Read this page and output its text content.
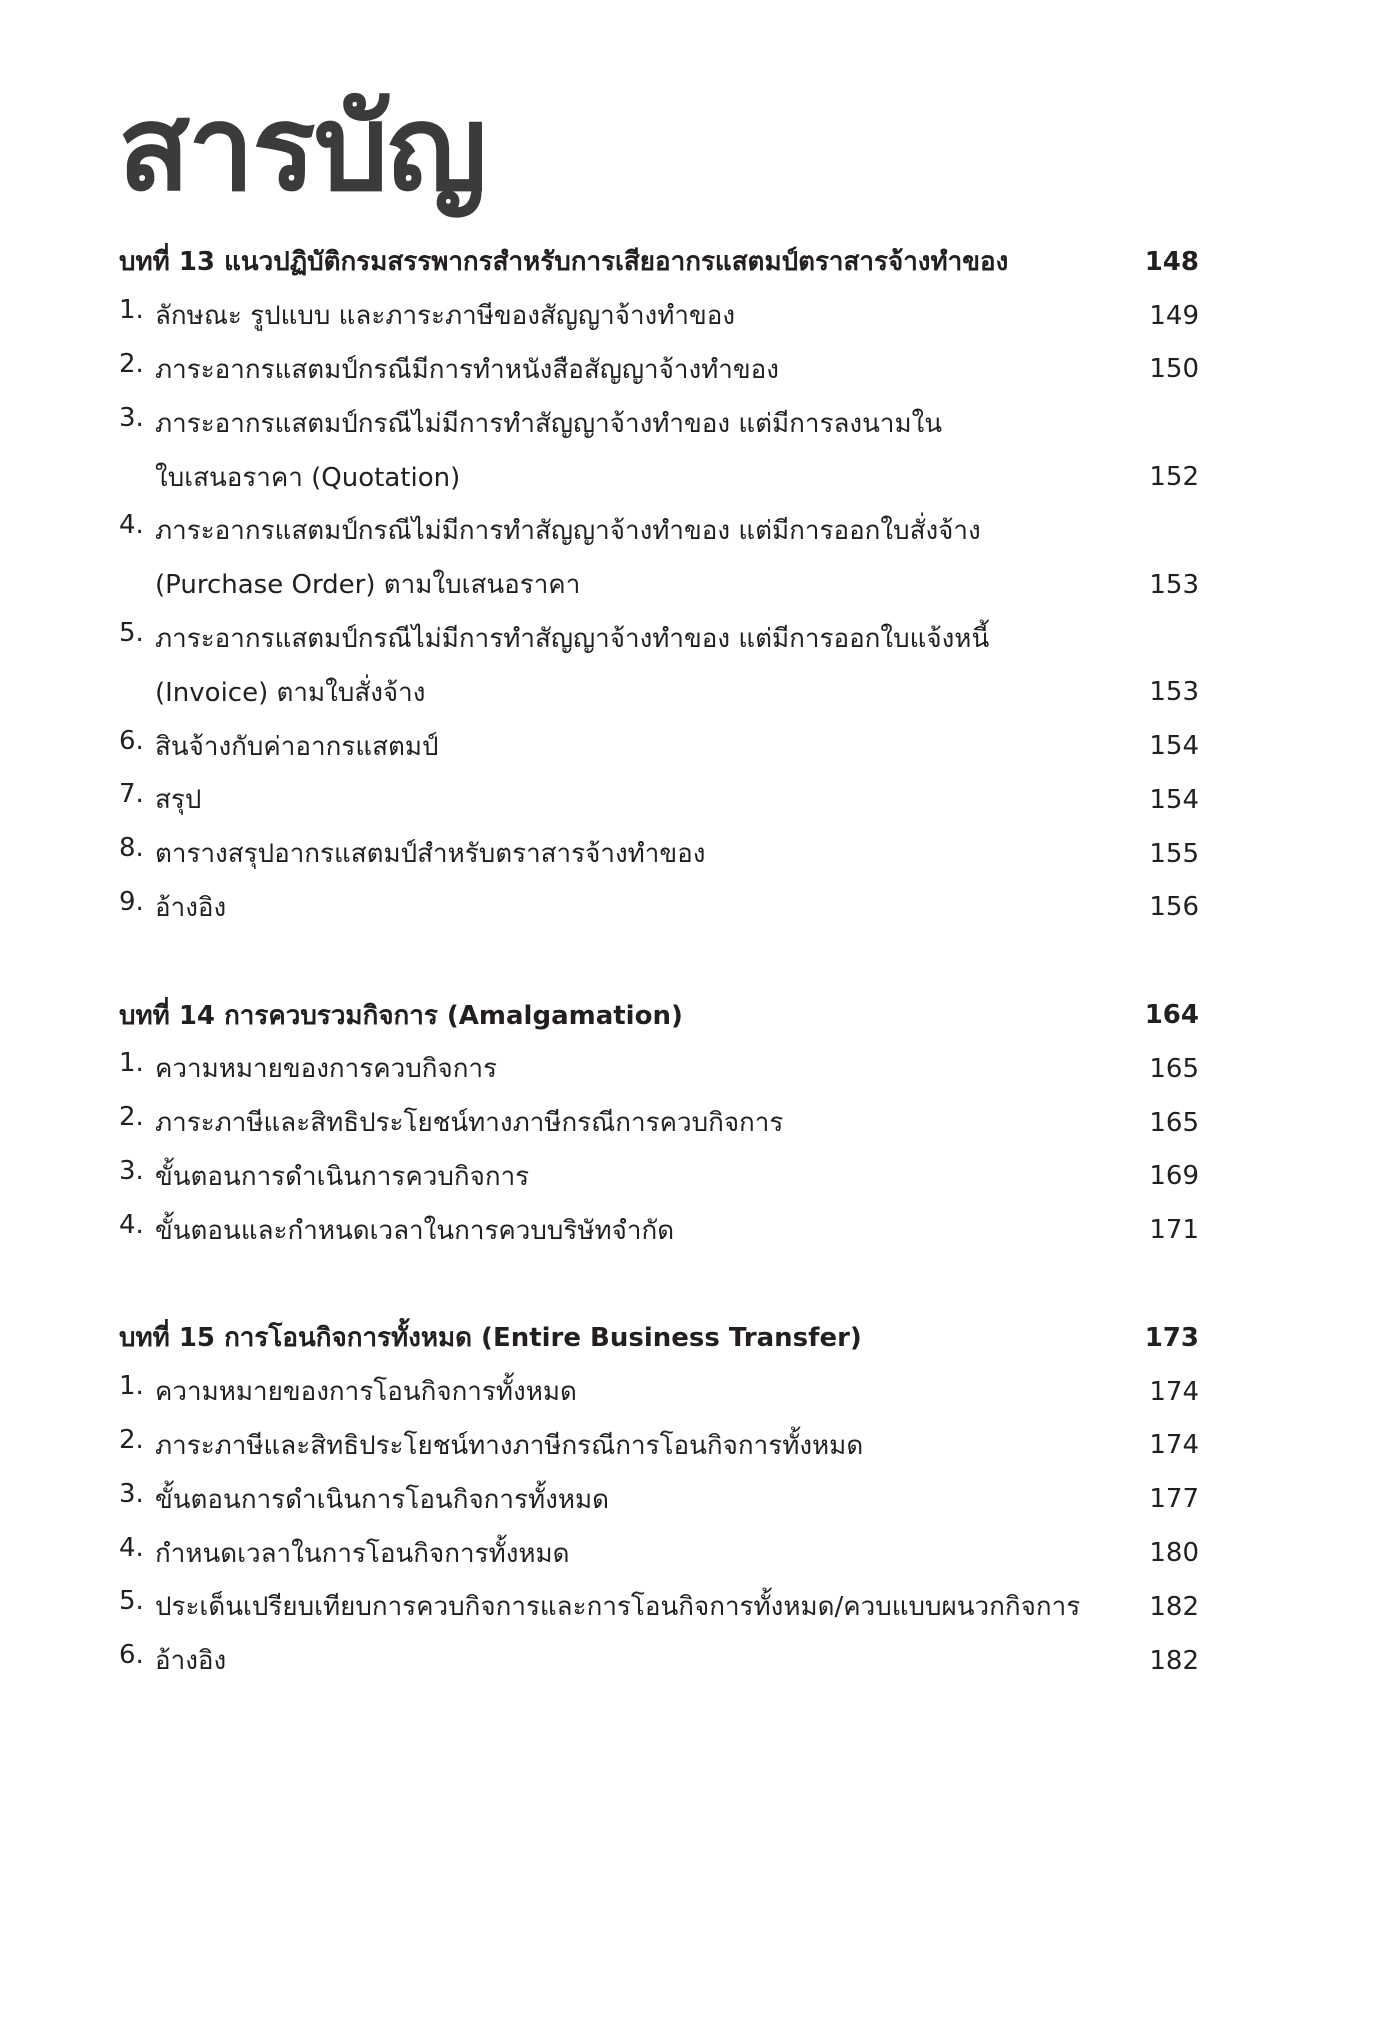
สารบัญ
บทที่ 13 แนวปฏิบัติกรมสรรพากรสำหรับการเสียอากรแสตมป์ตราสารจ้างทำของ	148
1. ลักษณะ รูปแบบ และภาระภาษีของสัญญาจ้างทำของ	149
2. ภาระอากรแสตมป์กรณีมีการทำหนังสือสัญญาจ้างทำของ	150
3. ภาระอากรแสตมป์กรณีไม่มีการทำสัญญาจ้างทำของ แต่มีการลงนามใน
ใบเสนอราคา (Quotation)	152
4. ภาระอากรแสตมป์กรณีไม่มีการทำสัญญาจ้างทำของ แต่มีการออกใบสั่งจ้าง
(Purchase Order) ตามใบเสนอราคา	153
5. ภาระอากรแสตมป์กรณีไม่มีการทำสัญญาจ้างทำของ แต่มีการออกใบแจ้งหนี้
(Invoice) ตามใบสั่งจ้าง	153
6. สินจ้างกับค่าอากรแสตมป์	154
7. สรุป	154
8. ตารางสรุปอากรแสตมป์สำหรับตราสารจ้างทำของ	155
9. อ้างอิง	156
บทที่ 14 การควบรวมกิจการ (Amalgamation)	164
1. ความหมายของการควบกิจการ	165
2. ภาระภาษีและสิทธิประโยชน์ทางภาษีกรณีการควบกิจการ	165
3. ขั้นตอนการดำเนินการควบกิจการ	169
4. ขั้นตอนและกำหนดเวลาในการควบบริษัทจำกัด	171
บทที่ 15 การโอนกิจการทั้งหมด (Entire Business Transfer)	173
1. ความหมายของการโอนกิจการทั้งหมด	174
2. ภาระภาษีและสิทธิประโยชน์ทางภาษีกรณีการโอนกิจการทั้งหมด	174
3. ขั้นตอนการดำเนินการโอนกิจการทั้งหมด	177
4. กำหนดเวลาในการโอนกิจการทั้งหมด	180
5. ประเด็นเปรียบเทียบการควบกิจการและการโอนกิจการทั้งหมด/ควบแบบผนวกกิจการ	182
6. อ้างอิง	182
